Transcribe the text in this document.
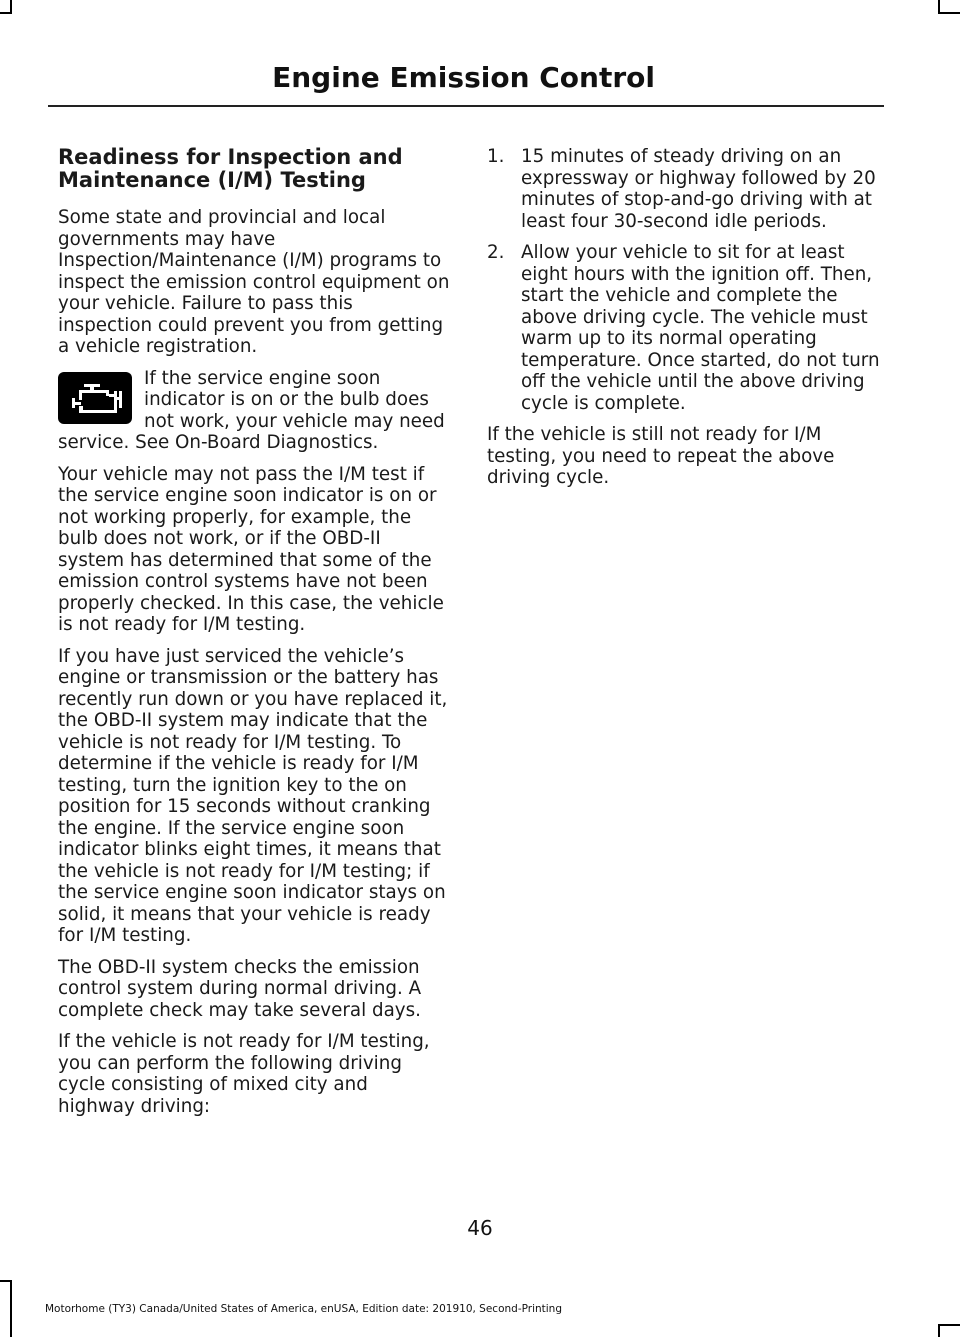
Engine Emission Control
Readiness for Inspection and Maintenance (I/M) Testing

Some state and provincial and local governments may have Inspection/Maintenance (I/M) programs to inspect the emission control equipment on your vehicle. Failure to pass this inspection could prevent you from getting a vehicle registration.

If the service engine soon indicator is on or the bulb does not work, your vehicle may need service. See On-Board Diagnostics.

Your vehicle may not pass the I/M test if the service engine soon indicator is on or not working properly, for example, the bulb does not work, or if the OBD-II system has determined that some of the emission control systems have not been properly checked. In this case, the vehicle is not ready for I/M testing.

If you have just serviced the vehicle’s engine or transmission or the battery has recently run down or you have replaced it, the OBD-II system may indicate that the vehicle is not ready for I/M testing. To determine if the vehicle is ready for I/M testing, turn the ignition key to the on position for 15 seconds without cranking the engine. If the service engine soon indicator blinks eight times, it means that the vehicle is not ready for I/M testing; if the service engine soon indicator stays on solid, it means that your vehicle is ready for I/M testing.

The OBD-II system checks the emission control system during normal driving. A complete check may take several days.

If the vehicle is not ready for I/M testing, you can perform the following driving cycle consisting of mixed city and highway driving:

1. 15 minutes of steady driving on an expressway or highway followed by 20 minutes of stop-and-go driving with at least four 30-second idle periods.
2. Allow your vehicle to sit for at least eight hours with the ignition off. Then, start the vehicle and complete the above driving cycle. The vehicle must warm up to its normal operating temperature. Once started, do not turn off the vehicle until the above driving cycle is complete.

If the vehicle is still not ready for I/M testing, you need to repeat the above driving cycle.

46
Motorhome (TY3) Canada/United States of America, enUSA, Edition date: 201910, Second-Printing
